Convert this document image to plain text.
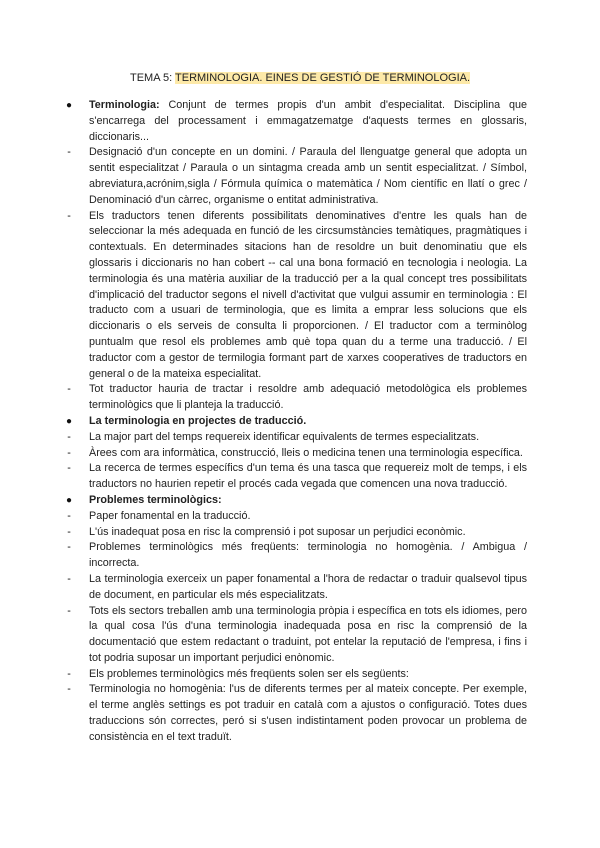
TEMA 5: TERMINOLOGIA. EINES DE GESTIÓ DE TERMINOLOGIA.
● Terminologia: Conjunt de termes propis d'un ambit d'especialitat. Disciplina que s'encarrega del processament i emmagatzematge d'aquests termes en glossaris, diccionaris...
-	Designació d'un concepte en un domini. / Paraula del llenguatge general que adopta un sentit especialitzat / Paraula o un sintagma creada amb un sentit especialitzat. / Símbol, abreviatura,acrónim,sigla / Fórmula química o matemàtica / Nom científic en llatí o grec / Denominació d'un càrrec, organisme o entitat administrativa.
-	Els traductors tenen diferents possibilitats denominatives d'entre les quals han de seleccionar la més adequada en funció de les circsumstàncies temàtiques, pragmàtiques i contextuals. En determinades sitacions han de resoldre un buit denominatiu que els glossaris i diccionaris no han cobert -- cal una bona formació en tecnologia i neologia. La terminologia és una matèria auxiliar de la traducció per a la qual concept tres possibilitats d'implicació del traductor segons el nivell d'activitat que vulgui assumir en terminologia : El traducto com a usuari de terminologia, que es limita a emprar less solucions que els diccionaris o els serveis de consulta li proporcionen. / El traductor com a terminòlog puntualm que resol els problemes amb què topa quan du a terme una traducció. / El traductor com a gestor de termilogia formant part de xarxes cooperatives de traductors en general o de la mateixa especialitat.
-	Tot traductor hauria de tractar i resoldre amb adequació metodològica els problemes terminològics que li planteja la traducció.
● La terminologia en projectes de traducció.
-	La major part del temps requereix identificar equivalents de termes especialitzats.
-	Àrees com ara informàtica, construcció, lleis o medicina tenen una terminologia específica.
-	La recerca de termes específics d'un tema és una tasca que requereiz molt de temps, i els traductors no haurien repetir el procés cada vegada que comencen una nova traducció.
● Problemes terminològics:
-	Paper fonamental en la traducció.
-	L'ús inadequat posa en risc la comprensió i pot suposar un perjudici econòmic.
-	Problemes terminològics més freqüents: terminologia no homogènia. / Ambigua / incorrecta.
-	La terminologia exerceix un paper fonamental a l'hora de redactar o traduir qualsevol tipus de document, en particular els més especialitzats.
-	Tots els sectors treballen amb una terminologia pròpia i específica en tots els idiomes, pero la qual cosa l'ús d'una terminologia inadequada posa en risc la comprensió de la documentació que estem redactant o traduint, pot entelar la reputació de l'empresa, i fins i tot podria suposar un important perjudici enònomic.
-	Els problemes terminològics més freqüents solen ser els següents:
-	Terminologia no homogènia: l'us de diferents termes per al mateix concepte. Per exemple, el terme anglès settings es pot traduir en català com a ajustos o configuració. Totes dues traduccions són correctes, peró si s'usen indistintament poden provocar un problema de consistència en el text traduït.
